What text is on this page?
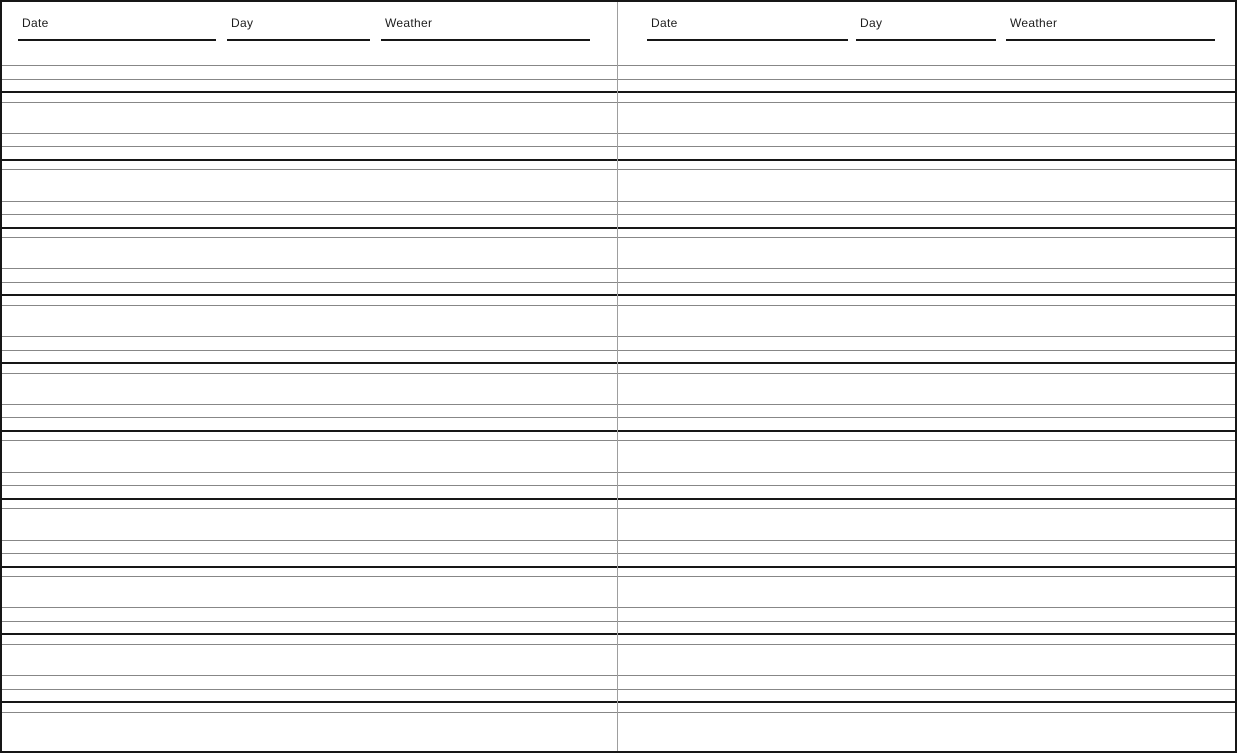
Date	Day	Weather	Date	Day	Weather
